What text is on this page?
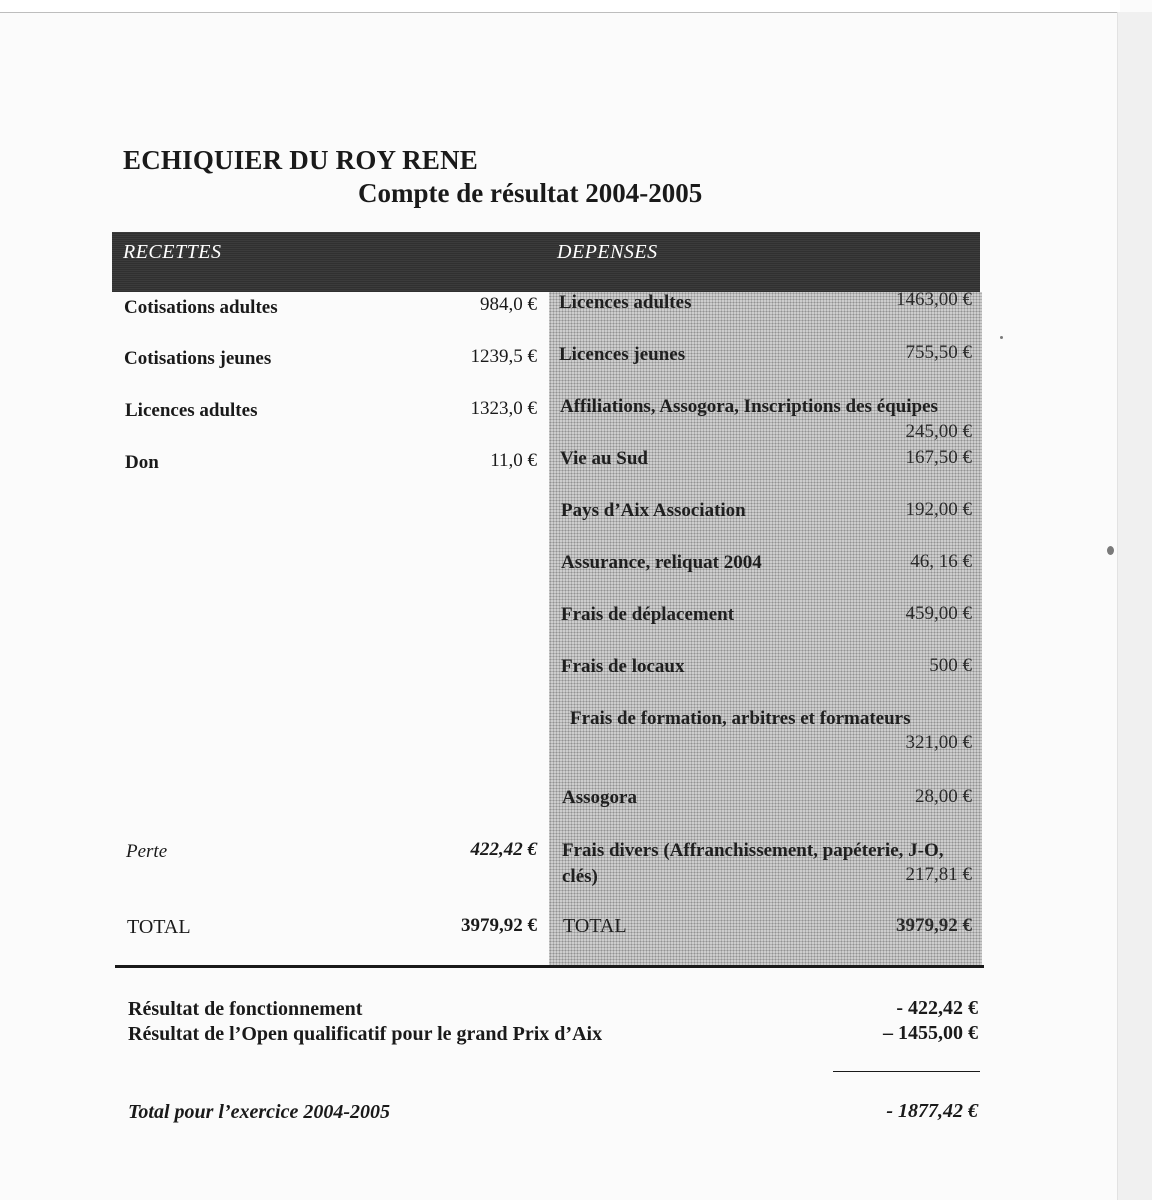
ECHIQUIER DU ROY RENE
Compte de résultat 2004-2005
RECETTES	DEPENSES
Cotisations adultes	984,0 €
Cotisations jeunes	1239,5 €
Licences adultes	1323,0 €
Don	11,0 €
Perte	422,42 €
TOTAL	3979,92 €
Licences adultes	1463,00 €
Licences jeunes	755,50 €
Affiliations, Assogora, Inscriptions des équipes
245,00 €
Vie au Sud	167,50 €
Pays d’Aix Association	192,00 €
Assurance, reliquat 2004	46, 16 €
Frais de déplacement	459,00 €
Frais de locaux	500 €
Frais de formation, arbitres et formateurs
321,00 €
Assogora	28,00 €
Frais divers (Affranchissement, papéterie, J-O, clés)	217,81 €
TOTAL	3979,92 €
Résultat de fonctionnement	- 422,42 €
Résultat de l’Open qualificatif pour le grand Prix d’Aix	– 1455,00 €
Total pour l’exercice 2004-2005	- 1877,42 €
